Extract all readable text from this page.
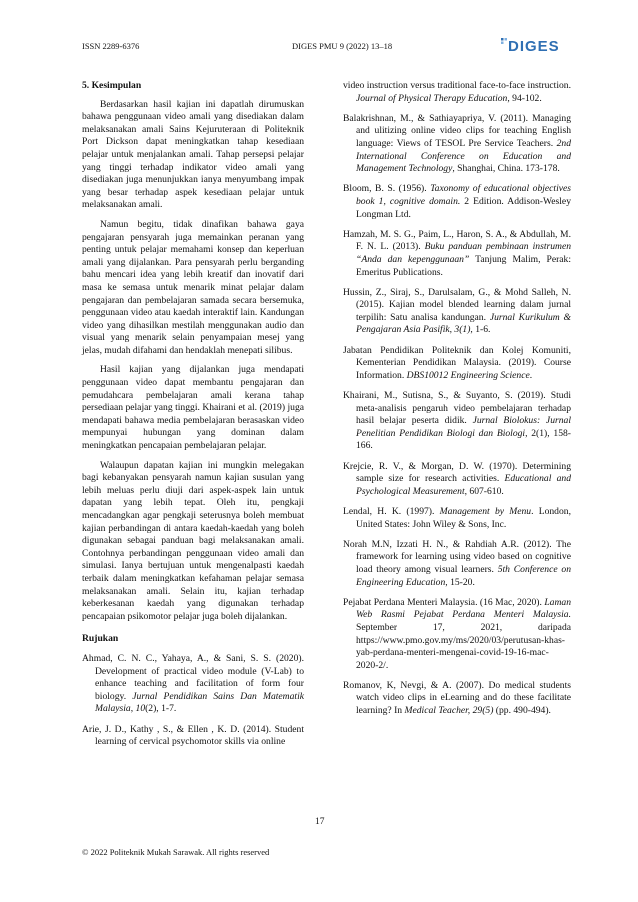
ISSN 2289-6376	DIGES PMU 9 (2022) 13–18	DIGES
5. Kesimpulan

Berdasarkan hasil kajian ini dapatlah dirumuskan bahawa penggunaan video amali yang disediakan dalam melaksanakan amali Sains Kejuruteraan di Politeknik Port Dickson dapat meningkatkan tahap kesediaan pelajar untuk menjalankan amali. Tahap persepsi pelajar yang tinggi terhadap indikator video amali yang disediakan juga menunjukkan ianya menyumbang impak yang besar terhadap aspek kesediaan pelajar untuk melaksanakan amali.

Namun begitu, tidak dinafikan bahawa gaya pengajaran pensyarah juga memainkan peranan yang penting untuk pelajar memahami konsep dan keperluan amali yang dijalankan. Para pensyarah perlu berganding bahu mencari idea yang lebih kreatif dan inovatif dari masa ke semasa untuk menarik minat pelajar dalam pengajaran dan pembelajaran samada secara bersemuka, penggunaan video atau kaedah interaktif lain. Kandungan video yang dihasilkan mestilah menggunakan audio dan visual yang menarik selain penyampaian mesej yang jelas, mudah difahami dan hendaklah menepati silibus.

Hasil kajian yang dijalankan juga mendapati penggunaan video dapat membantu pengajaran dan pemudahcara pembelajaran amali kerana tahap persediaan pelajar yang tinggi. Khairani et al. (2019) juga mendapati bahawa media pembelajaran berasaskan video mempunyai hubungan yang dominan dalam meningkatkan pencapaian pembelajaran pelajar.

Walaupun dapatan kajian ini mungkin melegakan bagi kebanyakan pensyarah namun kajian susulan yang lebih meluas perlu diuji dari aspek-aspek lain untuk dapatan yang lebih tepat. Oleh itu, pengkaji mencadangkan agar pengkaji seterusnya boleh membuat kajian perbandingan di antara kaedah-kaedah yang boleh digunakan sebagai panduan bagi melaksanakan amali. Contohnya perbandingan penggunaan video amali dan simulasi. Ianya bertujuan untuk mengenalpasti kaedah terbaik dalam meningkatkan kefahaman pelajar semasa melaksanakan amali. Selain itu, kajian terhadap keberkesanan kaedah yang digunakan terhadap pencapaian psikomotor pelajar juga boleh dijalankan.

Rujukan

Ahmad, C. N. C., Yahaya, A., & Sani, S. S. (2020). Development of practical video module (V-Lab) to enhance teaching and facilitation of form four biology. Jurnal Pendidikan Sains Dan Matematik Malaysia, 10(2), 1-7.

Arie, J. D., Kathy , S., & Ellen , K. D. (2014). Student learning of cervical psychomotor skills via online

video instruction versus traditional face-to-face instruction. Journal of Physical Therapy Education, 94-102.

Balakrishnan, M., & Sathiayapriya, V. (2011). Managing and ulitizing online video clips for teaching English language: Views of TESOL Pre Service Teachers. 2nd International Conference on Education and Management Technology, Shanghai, China. 173-178.

Bloom, B. S. (1956). Taxonomy of educational objectives book 1, cognitive domain. 2 Edition. Addison-Wesley Longman Ltd.

Hamzah, M. S. G., Paim, L., Haron, S. A., & Abdullah, M. F. N. L. (2013). Buku panduan pembinaan instrumen “Anda dan kepenggunaan” Tanjung Malim, Perak: Emeritus Publications.

Hussin, Z., Siraj, S., Darulsalam, G., & Mohd Salleh, N. (2015). Kajian model blended learning dalam jurnal terpilih: Satu analisa kandungan. Jurnal Kurikulum & Pengajaran Asia Pasifik, 3(1), 1-6.

Jabatan Pendidikan Politeknik dan Kolej Komuniti, Kementerian Pendidikan Malaysia. (2019). Course Information. DBS10012 Engineering Science.

Khairani, M., Sutisna, S., & Suyanto, S. (2019). Studi meta-analisis pengaruh video pembelajaran terhadap hasil belajar peserta didik. Jurnal Biolokus: Jurnal Penelitian Pendidikan Biologi dan Biologi, 2(1), 158-166.

Krejcie, R. V., & Morgan, D. W. (1970). Determining sample size for research activities. Educational and Psychological Measurement, 607-610.

Lendal, H. K. (1997). Management by Menu. London, United States: John Wiley & Sons, Inc.

Norah M.N, Izzati H. N., & Rahdiah A.R. (2012). The framework for learning using video based on cognitive load theory among visual learners. 5th Conference on Engineering Education, 15-20.

Pejabat Perdana Menteri Malaysia. (16 Mac, 2020). Laman Web Rasmi Pejabat Perdana Menteri Malaysia. September 17, 2021, daripada https://www.pmo.gov.my/ms/2020/03/perutusan-khas-yab-perdana-menteri-mengenai-covid-19-16-mac-2020-2/.

Romanov, K, Nevgi, & A. (2007). Do medical students watch video clips in eLearning and do these facilitate learning? In Medical Teacher, 29(5) (pp. 490-494).

17
© 2022 Politeknik Mukah Sarawak. All rights reserved
